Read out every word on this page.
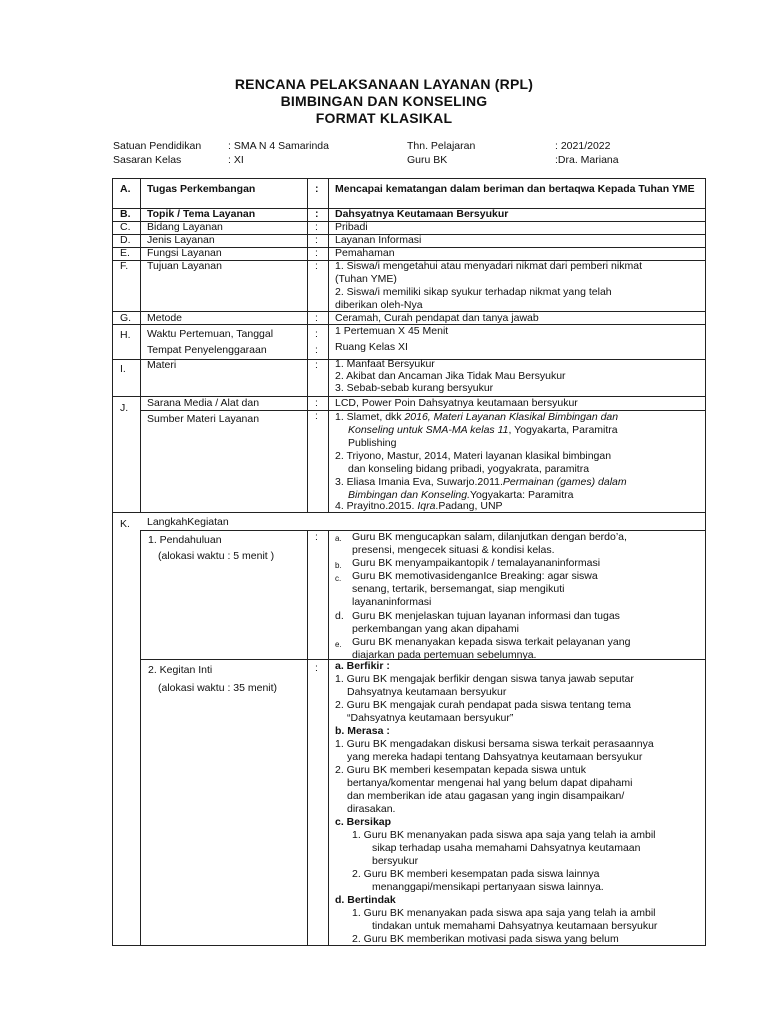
RENCANA PELAKSANAAN LAYANAN (RPL)
BIMBINGAN DAN KONSELING
FORMAT KLASIKAL
Satuan Pendidikan	: SMA N 4 Samarinda	Thn. Pelajaran	: 2021/2022
Sasaran Kelas	: XI	Guru BK	:Dra. Mariana
A. Tugas Perkembangan	: Mencapai kematangan dalam beriman dan bertaqwa Kepada Tuhan YME
B. Topik / Tema Layanan	: Dahsyatnya Keutamaan Bersyukur
C. Bidang Layanan	: Pribadi
D. Jenis Layanan	: Layanan Informasi
E. Fungsi Layanan	: Pemahaman
F. Tujuan Layanan	: 1. Siswa/i mengetahui atau menyadari nikmat dari pemberi nikmat
(Tuhan YME)
2. Siswa/i memiliki sikap syukur terhadap nikmat yang telah
diberikan oleh-Nya
G. Metode	: Ceramah, Curah pendapat dan tanya jawab
H. Waktu Pertemuan, Tanggal	: 1 Pertemuan X 45 Menit
Tempat Penyelenggaraan	: Ruang Kelas XI
I. Materi	: 1. Manfaat Bersyukur
2. Akibat dan Ancaman Jika Tidak Mau Bersyukur
3. Sebab-sebab kurang bersyukur
J. Sarana Media / Alat dan	: LCD, Power Poin Dahsyatnya keutamaan bersyukur
Sumber Materi Layanan	: 1. Slamet, dkk 2016, Materi Layanan Klasikal Bimbingan dan
Konseling untuk SMA-MA kelas 11, Yogyakarta, Paramitra
Publishing
2. Triyono, Mastur, 2014, Materi layanan klasikal bimbingan
dan konseling bidang pribadi, yogyakrata, paramitra
3. Eliasa Imania Eva, Suwarjo.2011.Permainan (games) dalam
Bimbingan dan Konseling.Yogyakarta: Paramitra
4. Prayitno.2015. Iqra.Padang, UNP
K. LangkahKegiatan
1. Pendahuluan
(alokasi waktu : 5 menit )
: a. Guru BK mengucapkan salam, dilanjutkan dengan berdo’a,
presensi, mengecek situasi & kondisi kelas.
b. Guru BK menyampaikantopik / temalayananinformasi
c. Guru BK memotivasidenganIce Breaking: agar siswa
senang, tertarik, bersemangat, siap mengikuti
layananinformasi
d. Guru BK menjelaskan tujuan layanan informasi dan tugas
perkembangan yang akan dipahami
e. Guru BK menanyakan kepada siswa terkait pelayanan yang
diajarkan pada pertemuan sebelumnya.
2. Kegitan Inti
(alokasi waktu : 35 menit)
: a. Berfikir :
1. Guru BK mengajak berfikir dengan siswa tanya jawab seputar
Dahsyatnya keutamaan bersyukur
2. Guru BK mengajak curah pendapat pada siswa tentang tema
“Dahsyatnya keutamaan bersyukur”
b. Merasa :
1. Guru BK mengadakan diskusi bersama siswa terkait perasaannya
yang mereka hadapi tentang Dahsyatnya keutamaan bersyukur
2. Guru BK memberi kesempatan kepada siswa untuk
bertanya/komentar mengenai hal yang belum dapat dipahami
dan memberikan ide atau gagasan yang ingin disampaikan/
dirasakan.
c. Bersikap
1. Guru BK menanyakan pada siswa apa saja yang telah ia ambil
sikap terhadap usaha memahami Dahsyatnya keutamaan
bersyukur
2. Guru BK memberi kesempatan pada siswa lainnya
menanggapi/mensikapi pertanyaan siswa lainnya.
d. Bertindak
1. Guru BK menanyakan pada siswa apa saja yang telah ia ambil
tindakan untuk memahami Dahsyatnya keutamaan bersyukur
2. Guru BK memberikan motivasi pada siswa yang belum
